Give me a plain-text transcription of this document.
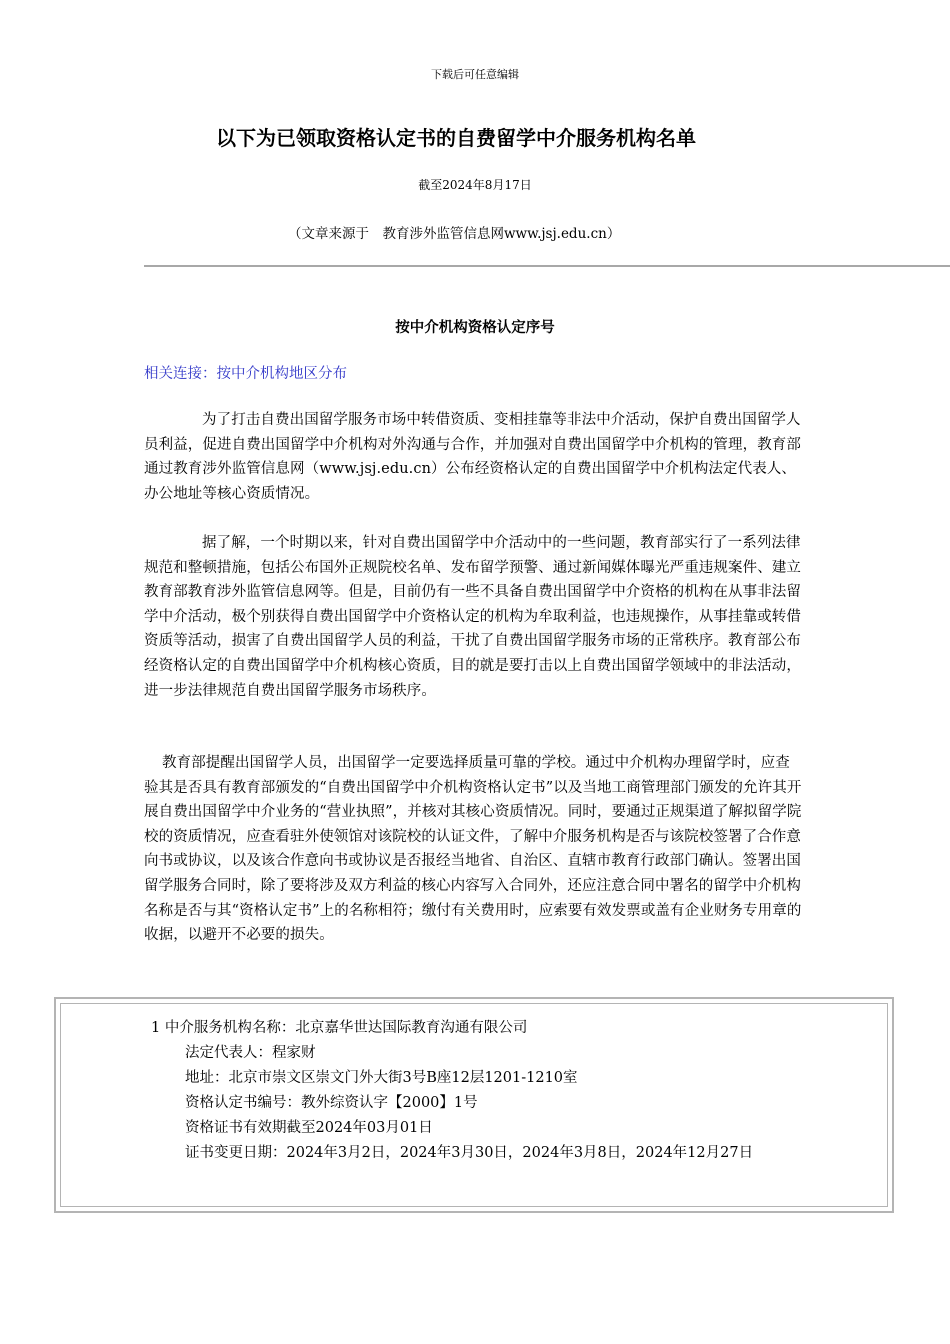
下载后可任意编辑
以下为已领取资格认定书的自费留学中介服务机构名单
截至2024年8月17日
（文章来源于　教育涉外监管信息网www.jsj.edu.cn）
按中介机构资格认定序号
相关连接：按中介机构地区分布

为了打击自费出国留学服务市场中转借资质、变相挂靠等非法中介活动，保护自费出国留学人员利益，促进自费出国留学中介机构对外沟通与合作，并加强对自费出国留学中介机构的管理，教育部通过教育涉外监管信息网（www.jsj.edu.cn）公布经资格认定的自费出国留学中介机构法定代表人、办公地址等核心资质情况。

据了解，一个时期以来，针对自费出国留学中介活动中的一些问题，教育部实行了一系列法律规范和整顿措施，包括公布国外正规院校名单、发布留学预警、通过新闻媒体曝光严重违规案件、建立教育部教育涉外监管信息网等。但是，目前仍有一些不具备自费出国留学中介资格的机构在从事非法留学中介活动，极个别获得自费出国留学中介资格认定的机构为牟取利益，也违规操作，从事挂靠或转借资质等活动，损害了自费出国留学人员的利益，干扰了自费出国留学服务市场的正常秩序。教育部公布经资格认定的自费出国留学中介机构核心资质，目的就是要打击以上自费出国留学领域中的非法活动，进一步法律规范自费出国留学服务市场秩序。

教育部提醒出国留学人员，出国留学一定要选择质量可靠的学校。通过中介机构办理留学时，应查验其是否具有教育部颁发的“自费出国留学中介机构资格认定书”以及当地工商管理部门颁发的允许其开展自费出国留学中介业务的“营业执照”，并核对其核心资质情况。同时，要通过正规渠道了解拟留学院校的资质情况，应查看驻外使领馆对该院校的认证文件，了解中介服务机构是否与该院校签署了合作意向书或协议，以及该合作意向书或协议是否报经当地省、自治区、直辖市教育行政部门确认。签署出国留学服务合同时，除了要将涉及双方利益的核心内容写入合同外，还应注意合同中署名的留学中介机构名称是否与其“资格认定书”上的名称相符；缴付有关费用时，应索要有效发票或盖有企业财务专用章的收据，以避开不必要的损失。

1 中介服务机构名称：北京嘉华世达国际教育沟通有限公司
法定代表人：程家财
地址：北京市崇文区崇文门外大街3号B座12层1201-1210室
资格认定书编号：教外综资认字【2000】1号
资格证书有效期截至2024年03月01日
证书变更日期：2024年3月2日，2024年3月30日，2024年3月8日，2024年12月27日
